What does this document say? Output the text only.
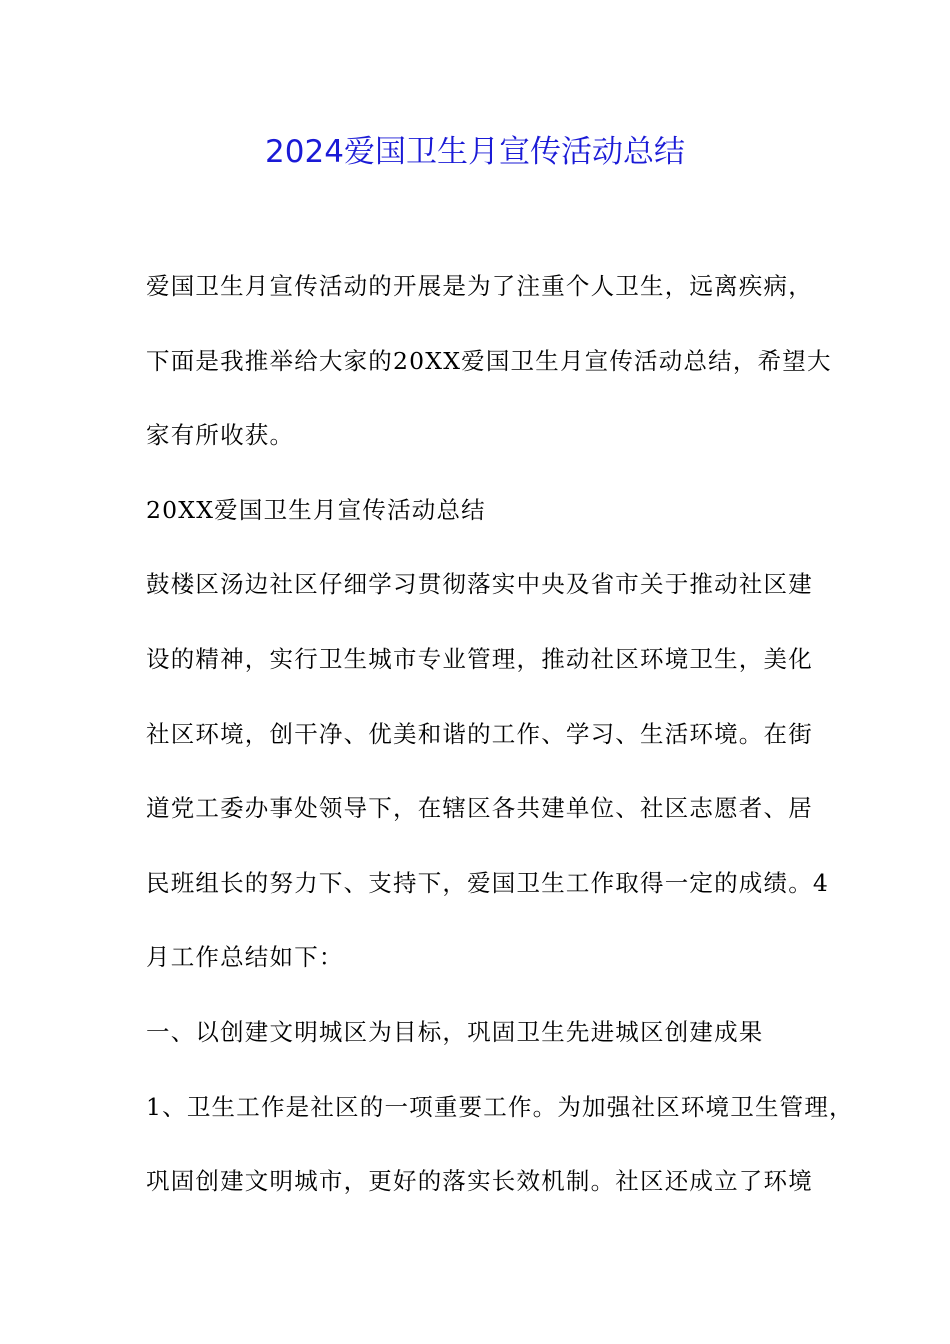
2024爱国卫生月宣传活动总结

爱国卫生月宣传活动的开展是为了注重个人卫生，远离疾病，

下面是我推举给大家的20XX爱国卫生月宣传活动总结，希望大

家有所收获。

20XX爱国卫生月宣传活动总结

鼓楼区汤边社区仔细学习贯彻落实中央及省市关于推动社区建

设的精神，实行卫生城市专业管理，推动社区环境卫生，美化

社区环境，创干净、优美和谐的工作、学习、生活环境。在街

道党工委办事处领导下，在辖区各共建单位、社区志愿者、居

民班组长的努力下、支持下，爱国卫生工作取得一定的成绩。4

月工作总结如下：

一、以创建文明城区为目标，巩固卫生先进城区创建成果

1、卫生工作是社区的一项重要工作。为加强社区环境卫生管理，

巩固创建文明城市，更好的落实长效机制。社区还成立了环境
